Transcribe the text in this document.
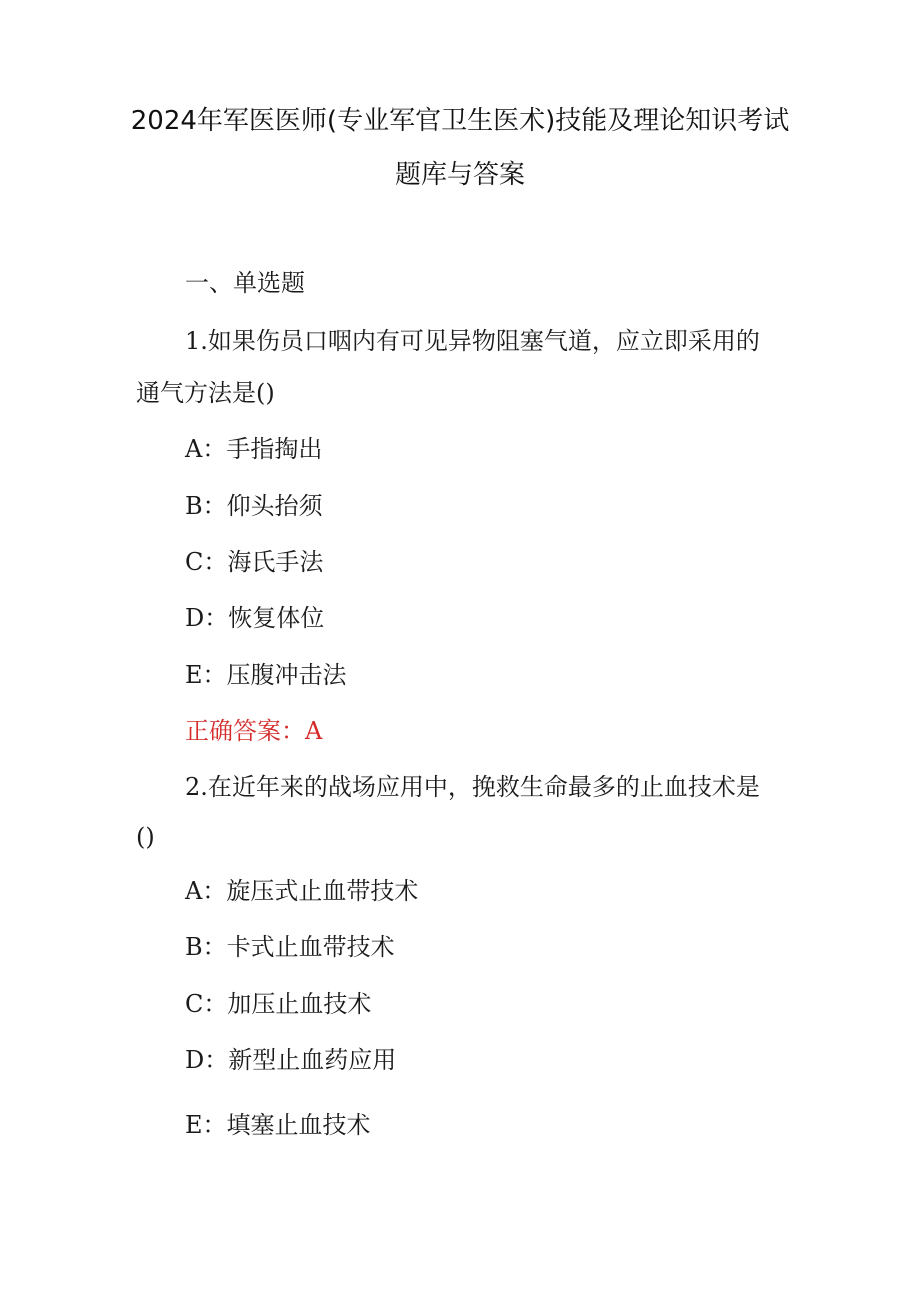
2024年军医医师(专业军官卫生医术)技能及理论知识考试题库与答案
一、单选题
1.如果伤员口咽内有可见异物阻塞气道，应立即采用的
通气方法是()
A：手指掏出
B：仰头抬须
C：海氏手法
D：恢复体位
E：压腹冲击法
正确答案：A
2.在近年来的战场应用中，挽救生命最多的止血技术是
()
A：旋压式止血带技术
B：卡式止血带技术
C：加压止血技术
D：新型止血药应用
E：填塞止血技术
